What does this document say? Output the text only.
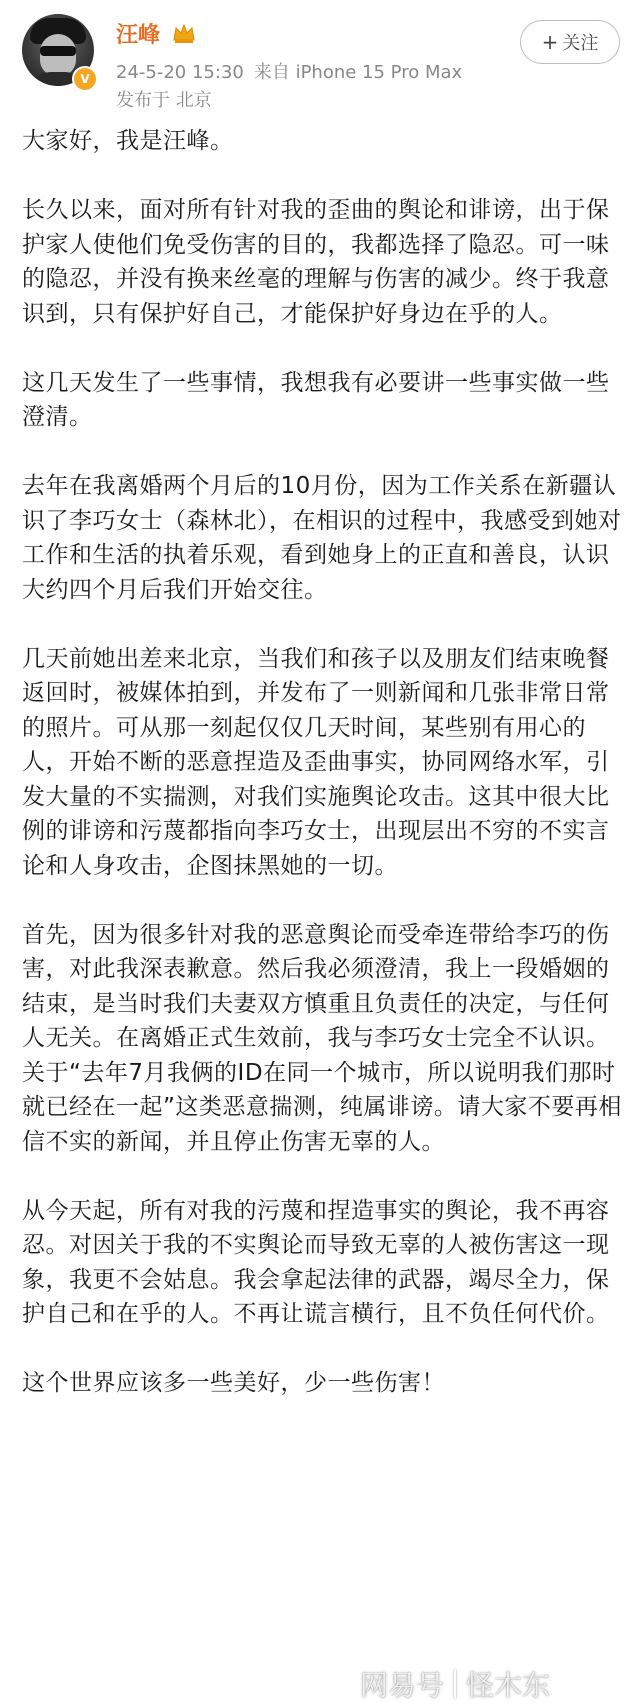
V
汪峰
24-5-20 15:30 来自 iPhone 15 Pro Max
发布于 北京
+ 关注

大家好，我是汪峰。

长久以来，面对所有针对我的歪曲的舆论和诽谤，出于保护家人使他们免受伤害的目的，我都选择了隐忍。可一味的隐忍，并没有换来丝毫的理解与伤害的减少。终于我意识到，只有保护好自己，才能保护好身边在乎的人。

这几天发生了一些事情，我想我有必要讲一些事实做一些澄清。

去年在我离婚两个月后的10月份，因为工作关系在新疆认识了李巧女士（森林北），在相识的过程中，我感受到她对工作和生活的执着乐观，看到她身上的正直和善良，认识大约四个月后我们开始交往。

几天前她出差来北京，当我们和孩子以及朋友们结束晚餐返回时，被媒体拍到，并发布了一则新闻和几张非常日常的照片。可从那一刻起仅仅几天时间，某些别有用心的人，开始不断的恶意捏造及歪曲事实，协同网络水军，引发大量的不实揣测，对我们实施舆论攻击。这其中很大比例的诽谤和污蔑都指向李巧女士，出现层出不穷的不实言论和人身攻击，企图抹黑她的一切。

首先，因为很多针对我的恶意舆论而受牵连带给李巧的伤害，对此我深表歉意。然后我必须澄清，我上一段婚姻的结束，是当时我们夫妻双方慎重且负责任的决定，与任何人无关。在离婚正式生效前，我与李巧女士完全不认识。关于“去年7月我俩的ID在同一个城市，所以说明我们那时就已经在一起”这类恶意揣测，纯属诽谤。请大家不要再相信不实的新闻，并且停止伤害无辜的人。

从今天起，所有对我的污蔑和捏造事实的舆论，我不再容忍。对因关于我的不实舆论而导致无辜的人被伤害这一现象，我更不会姑息。我会拿起法律的武器，竭尽全力，保护自己和在乎的人。不再让谎言横行，且不负任何代价。

这个世界应该多一些美好，少一些伤害！

网易号 怪木东
